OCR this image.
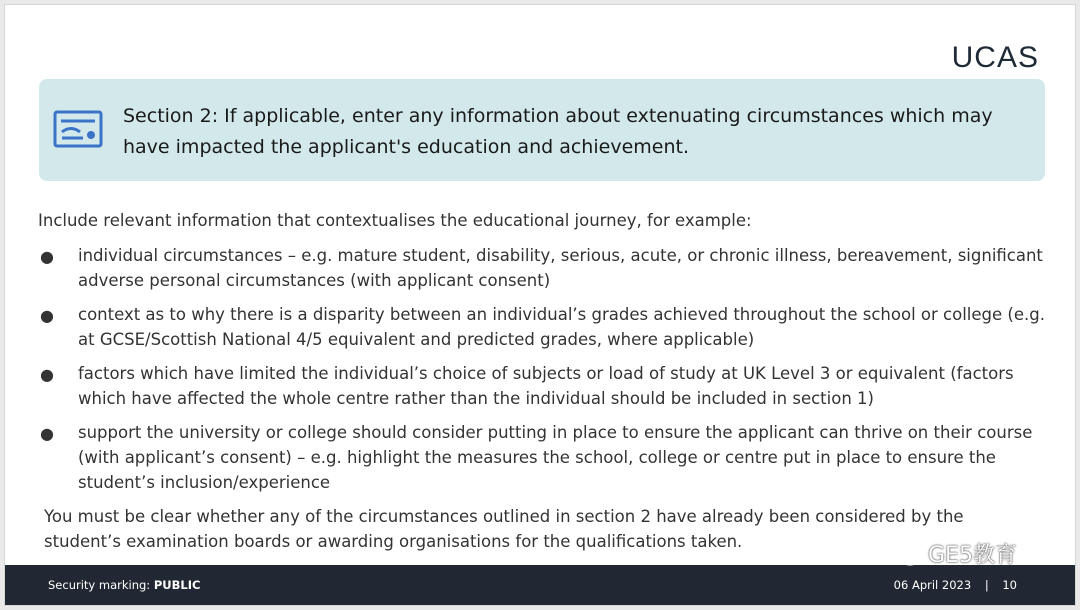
UCAS
Section 2: If applicable, enter any information about extenuating circumstances which may have impacted the applicant's education and achievement.
Include relevant information that contextualises the educational journey, for example:
● individual circumstances – e.g. mature student, disability, serious, acute, or chronic illness, bereavement, significant adverse personal circumstances (with applicant consent)
● context as to why there is a disparity between an individual’s grades achieved throughout the school or college (e.g. at GCSE/Scottish National 4/5 equivalent and predicted grades, where applicable)
● factors which have limited the individual’s choice of subjects or load of study at UK Level 3 or equivalent (factors which have affected the whole centre rather than the individual should be included in section 1)
● support the university or college should consider putting in place to ensure the applicant can thrive on their course (with applicant’s consent) – e.g. highlight the measures the school, college or centre put in place to ensure the student’s inclusion/experience
You must be clear whether any of the circumstances outlined in section 2 have already been considered by the student’s examination boards or awarding organisations for the qualifications taken.
Security marking: PUBLIC	06 April 2023 | 10
GE5教育
